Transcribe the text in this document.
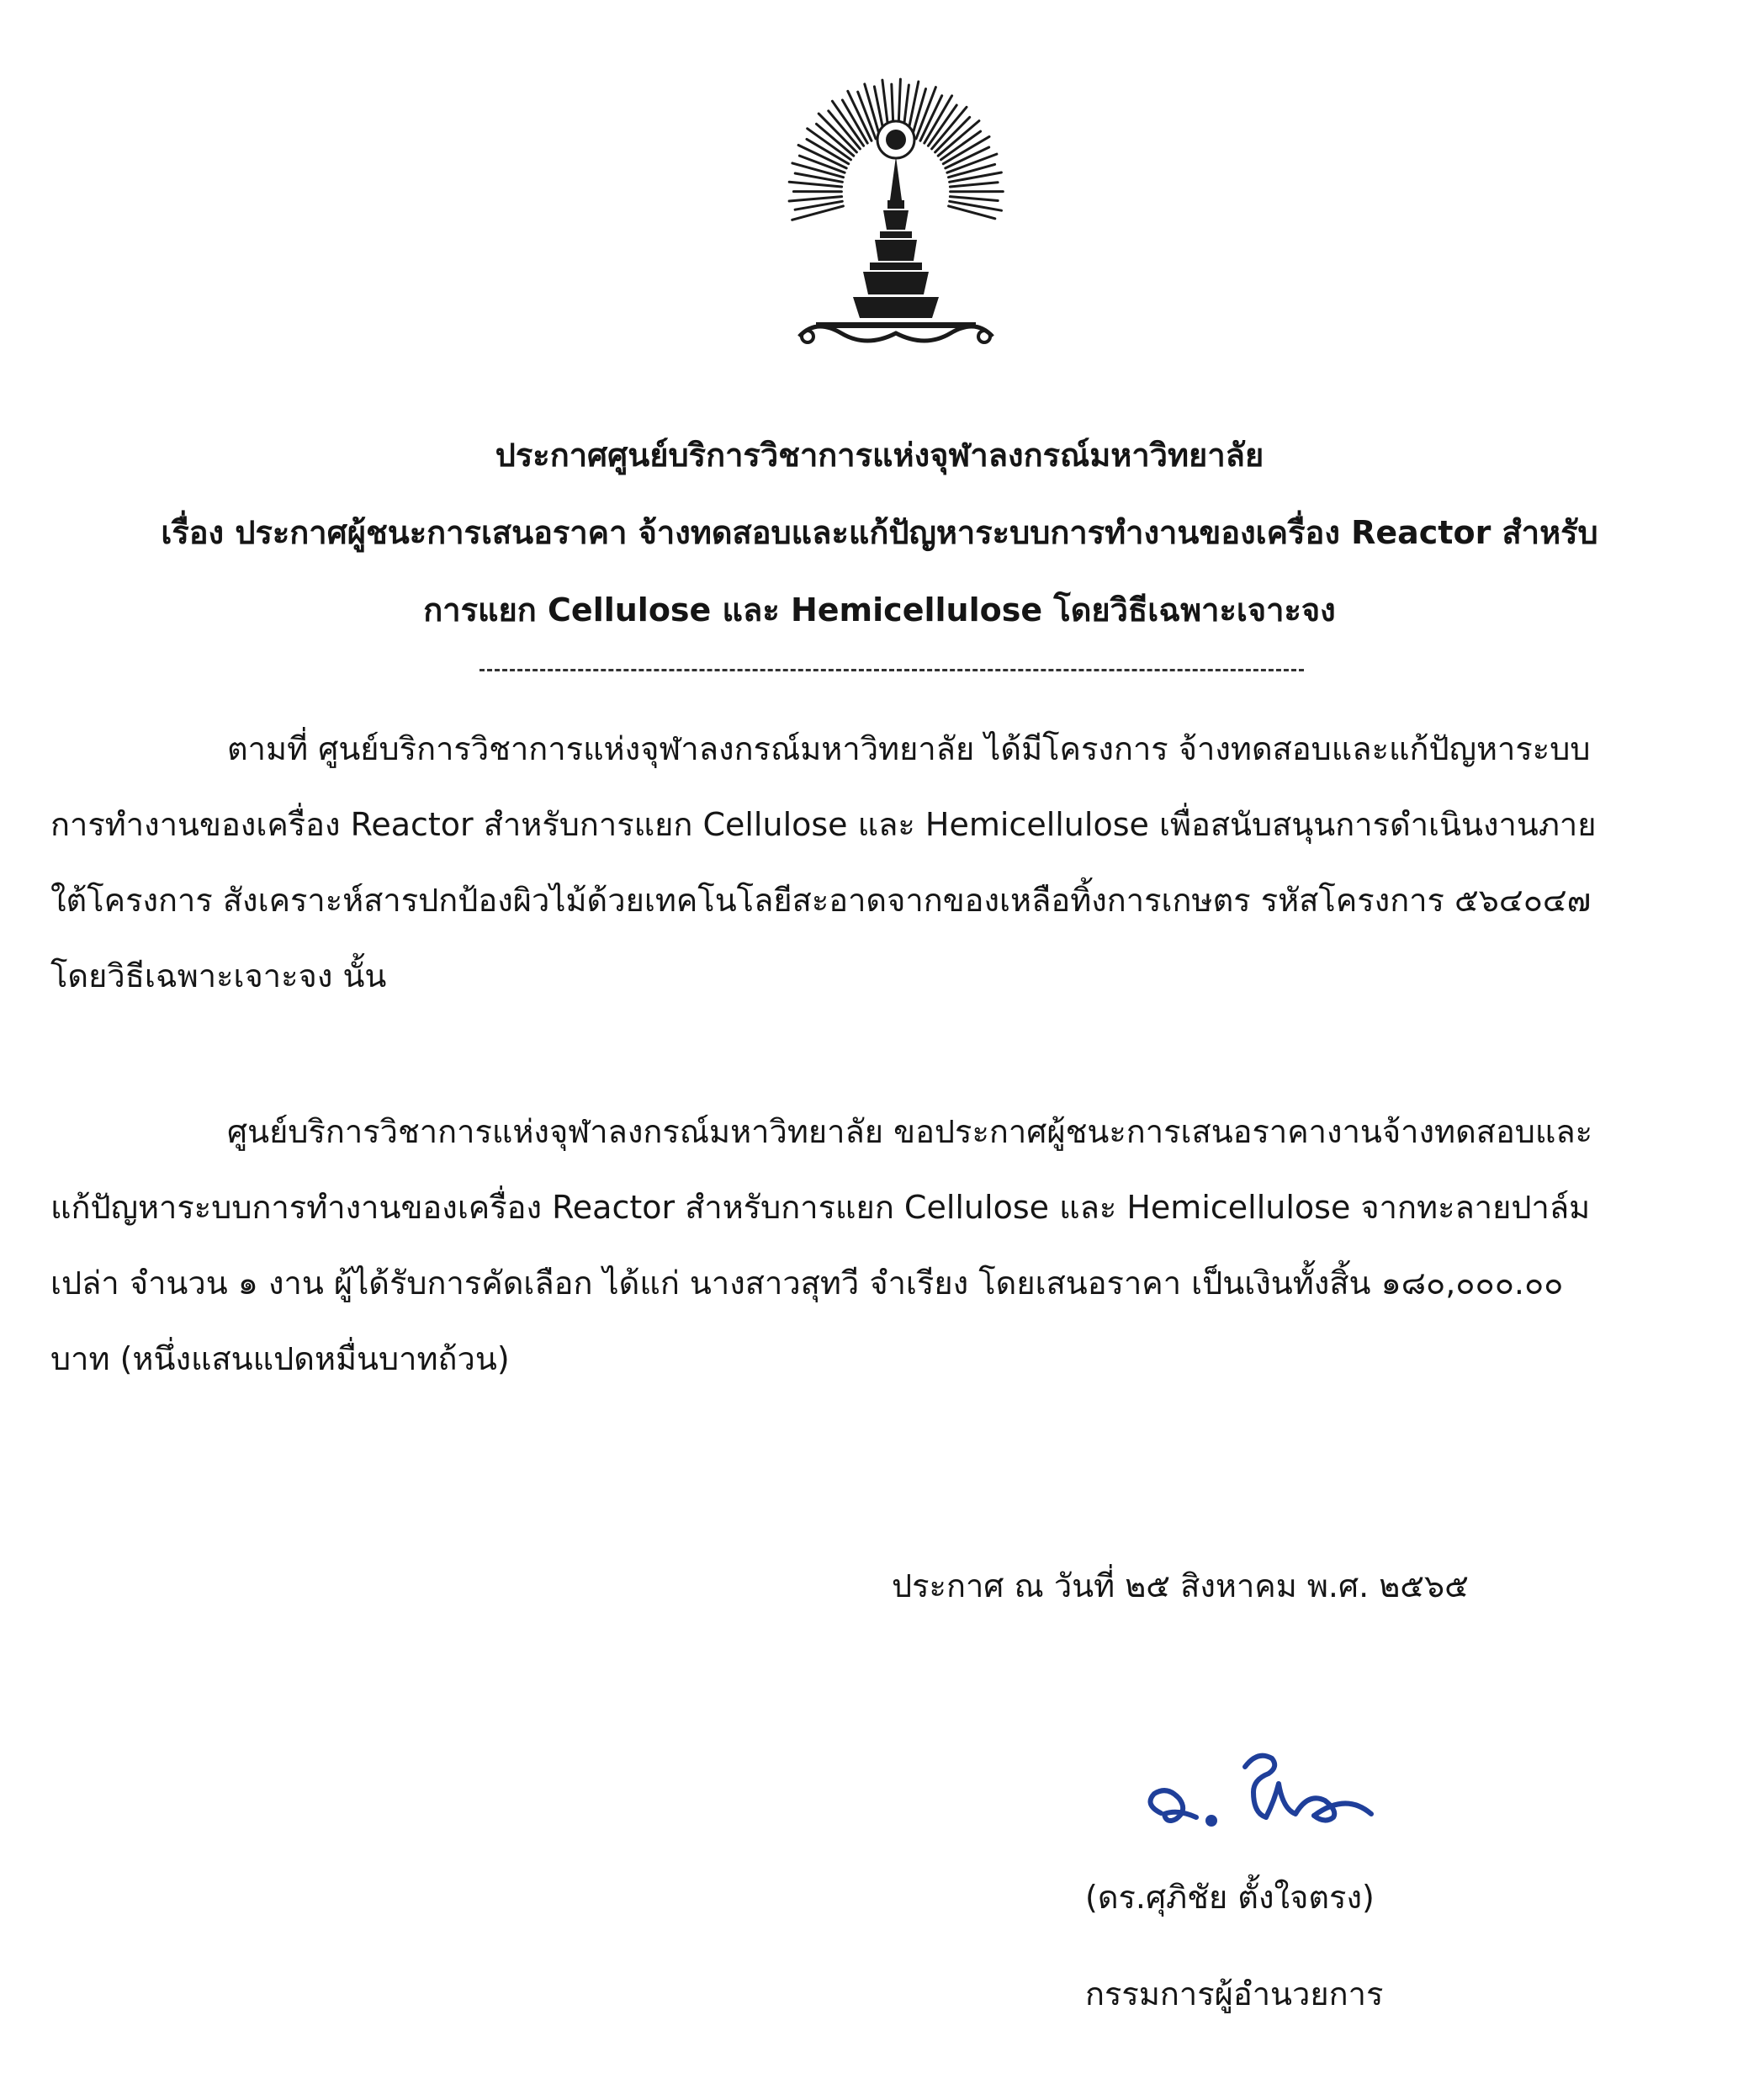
ประกาศศูนย์บริการวิชาการแห่งจุฬาลงกรณ์มหาวิทยาลัย
เรื่อง ประกาศผู้ชนะการเสนอราคา จ้างทดสอบและแก้ปัญหาระบบการทำงานของเครื่อง Reactor สำหรับ
การแยก Cellulose และ Hemicellulose โดยวิธีเฉพาะเจาะจง
ตามที่ ศูนย์บริการวิชาการแห่งจุฬาลงกรณ์มหาวิทยาลัย ได้มีโครงการ จ้างทดสอบและแก้ปัญหาระบบ
การทำงานของเครื่อง Reactor สำหรับการแยก Cellulose และ Hemicellulose เพื่อสนับสนุนการดำเนินงานภาย
ใต้โครงการ สังเคราะห์สารปกป้องผิวไม้ด้วยเทคโนโลยีสะอาดจากของเหลือทิ้งการเกษตร รหัสโครงการ ๕๖๔๐๔๗
โดยวิธีเฉพาะเจาะจง นั้น
ศูนย์บริการวิชาการแห่งจุฬาลงกรณ์มหาวิทยาลัย ขอประกาศผู้ชนะการเสนอราคางานจ้างทดสอบและ
แก้ปัญหาระบบการทำงานของเครื่อง Reactor สำหรับการแยก Cellulose และ Hemicellulose จากทะลายปาล์ม
เปล่า จำนวน ๑ งาน ผู้ได้รับการคัดเลือก ได้แก่ นางสาวสุทวี จำเรียง โดยเสนอราคา เป็นเงินทั้งสิ้น ๑๘๐,๐๐๐.๐๐
บาท (หนึ่งแสนแปดหมื่นบาทถ้วน)
ประกาศ ณ วันที่ ๒๕ สิงหาคม พ.ศ. ๒๕๖๕
(ดร.ศุภิชัย ตั้งใจตรง)
กรรมการผู้อำนวยการ
